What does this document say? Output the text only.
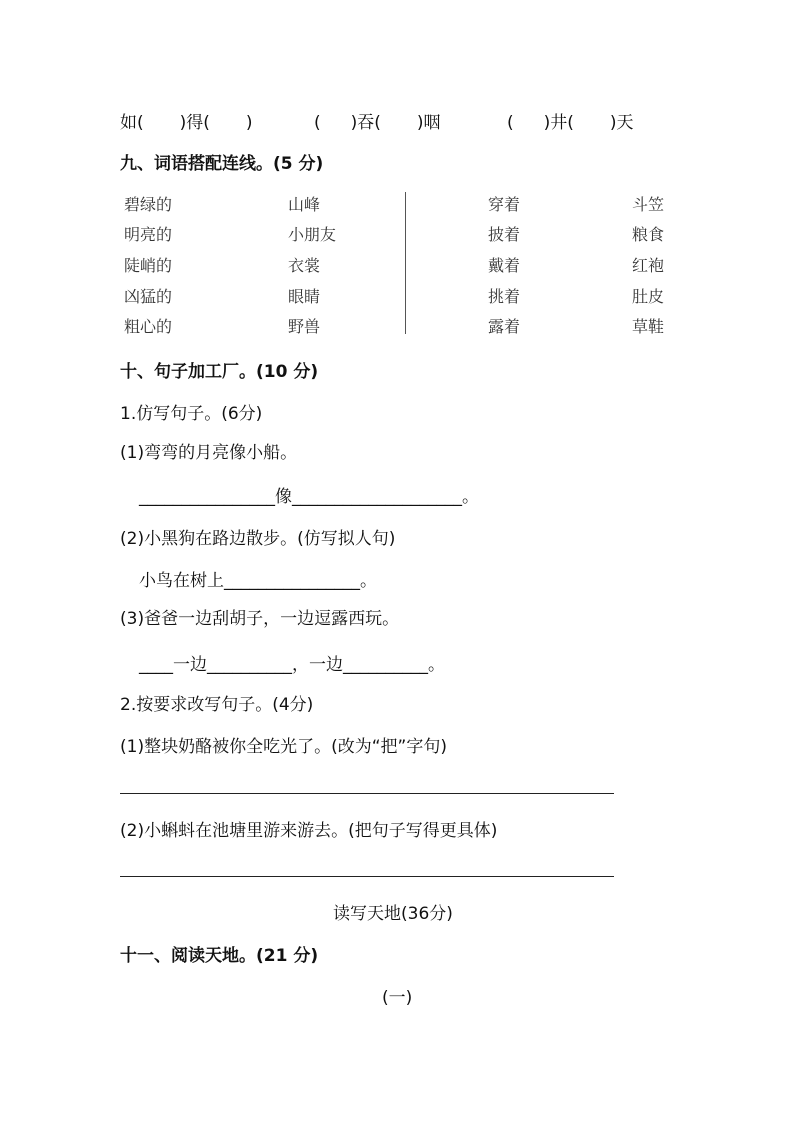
如( )得( )	( )吞( )咽	( )井( )天
九、词语搭配连线。(5 分)
碧绿的
明亮的
陡峭的
凶猛的
粗心的
山峰
小朋友
衣裳
眼睛
野兽
穿着
披着
戴着
挑着
露着
斗笠
粮食
红袍
肚皮
草鞋
十、句子加工厂。(10 分)
1.仿写句子。(6分)
(1)弯弯的月亮像小船。
________________像____________________。
(2)小黑狗在路边散步。(仿写拟人句)
小鸟在树上________________。
(3)爸爸一边刮胡子，一边逗露西玩。
____一边__________，一边__________。
2.按要求改写句子。(4分)
(1)整块奶酪被你全吃光了。(改为“把”字句)
(2)小蝌蚪在池塘里游来游去。(把句子写得更具体)
读写天地(36分)
十一、阅读天地。(21 分)
(一)
